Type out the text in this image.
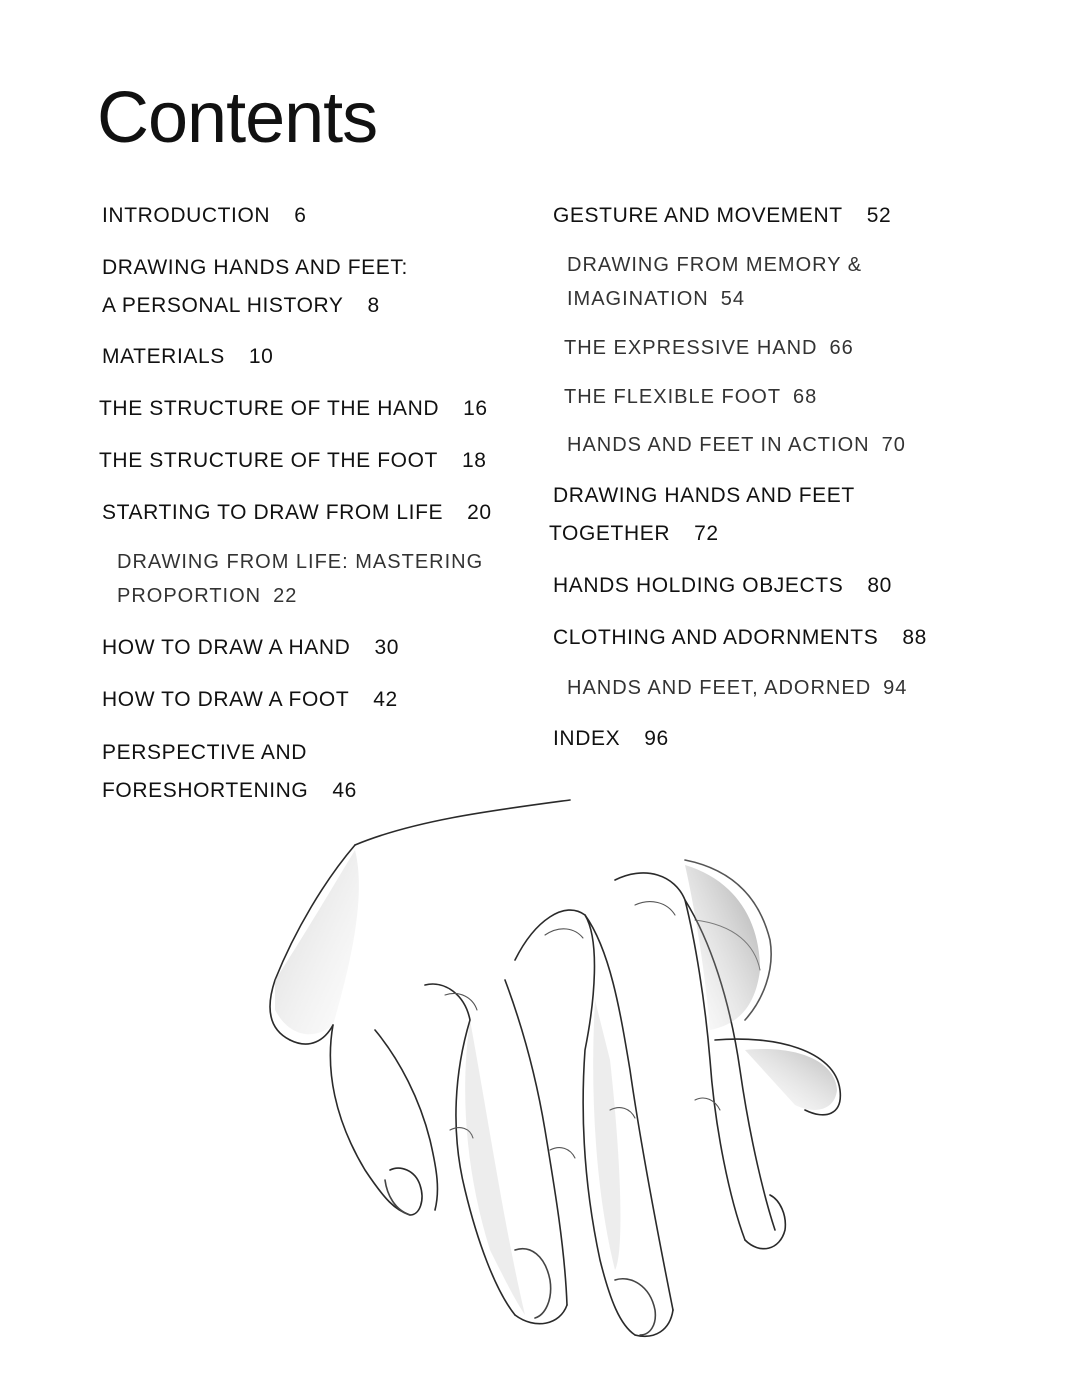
Contents
INTRODUCTION 6
DRAWING HANDS AND FEET:
A PERSONAL HISTORY 8
MATERIALS 10
THE STRUCTURE OF THE HAND 16
THE STRUCTURE OF THE FOOT 18
STARTING TO DRAW FROM LIFE 20
DRAWING FROM LIFE: MASTERING
PROPORTION 22
HOW TO DRAW A HAND 30
HOW TO DRAW A FOOT 42
PERSPECTIVE AND
FORESHORTENING 46
GESTURE AND MOVEMENT 52
DRAWING FROM MEMORY &
IMAGINATION 54
THE EXPRESSIVE HAND 66
THE FLEXIBLE FOOT 68
HANDS AND FEET IN ACTION 70
DRAWING HANDS AND FEET
TOGETHER 72
HANDS HOLDING OBJECTS 80
CLOTHING AND ADORNMENTS 88
HANDS AND FEET, ADORNED 94
INDEX 96
